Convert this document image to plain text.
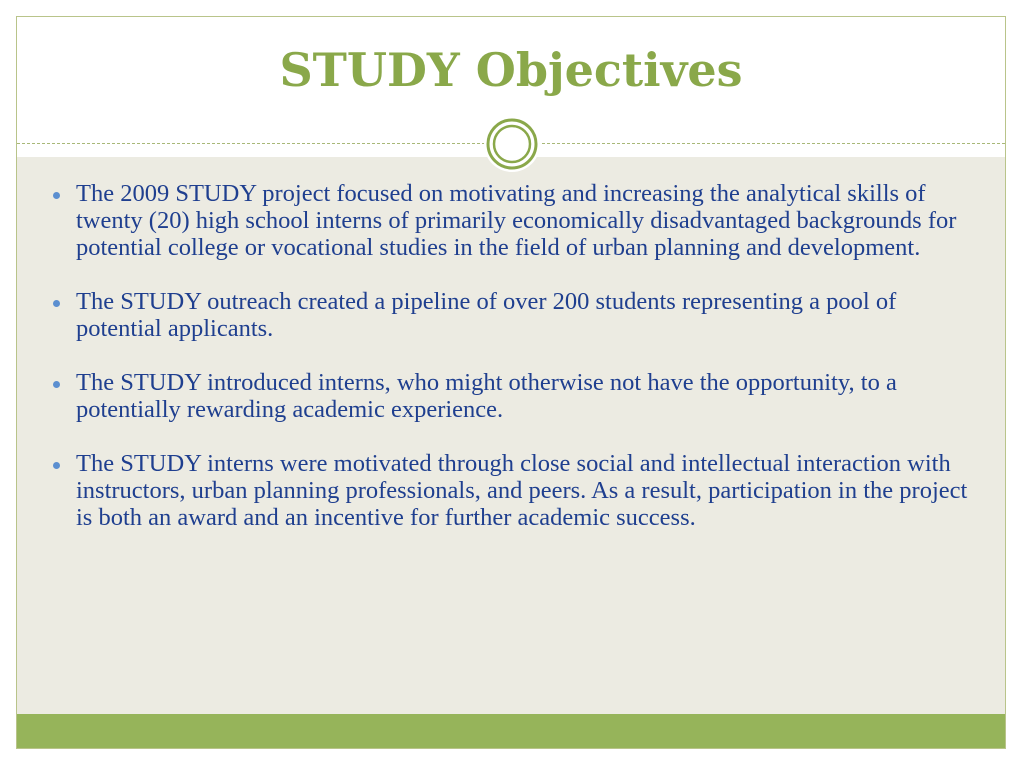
STUDY Objectives
The 2009 STUDY project focused on motivating and increasing the analytical skills of twenty (20) high school interns of primarily economically disadvantaged backgrounds for potential college or vocational studies in the field of urban planning and development.
The STUDY outreach created a pipeline of over 200 students representing a pool of potential applicants.
The STUDY introduced interns, who might otherwise not have the opportunity, to a potentially rewarding academic experience.
The STUDY interns were motivated through close social and intellectual interaction with instructors, urban planning professionals, and peers. As a result, participation in the project is both an award and an incentive for further academic success.
